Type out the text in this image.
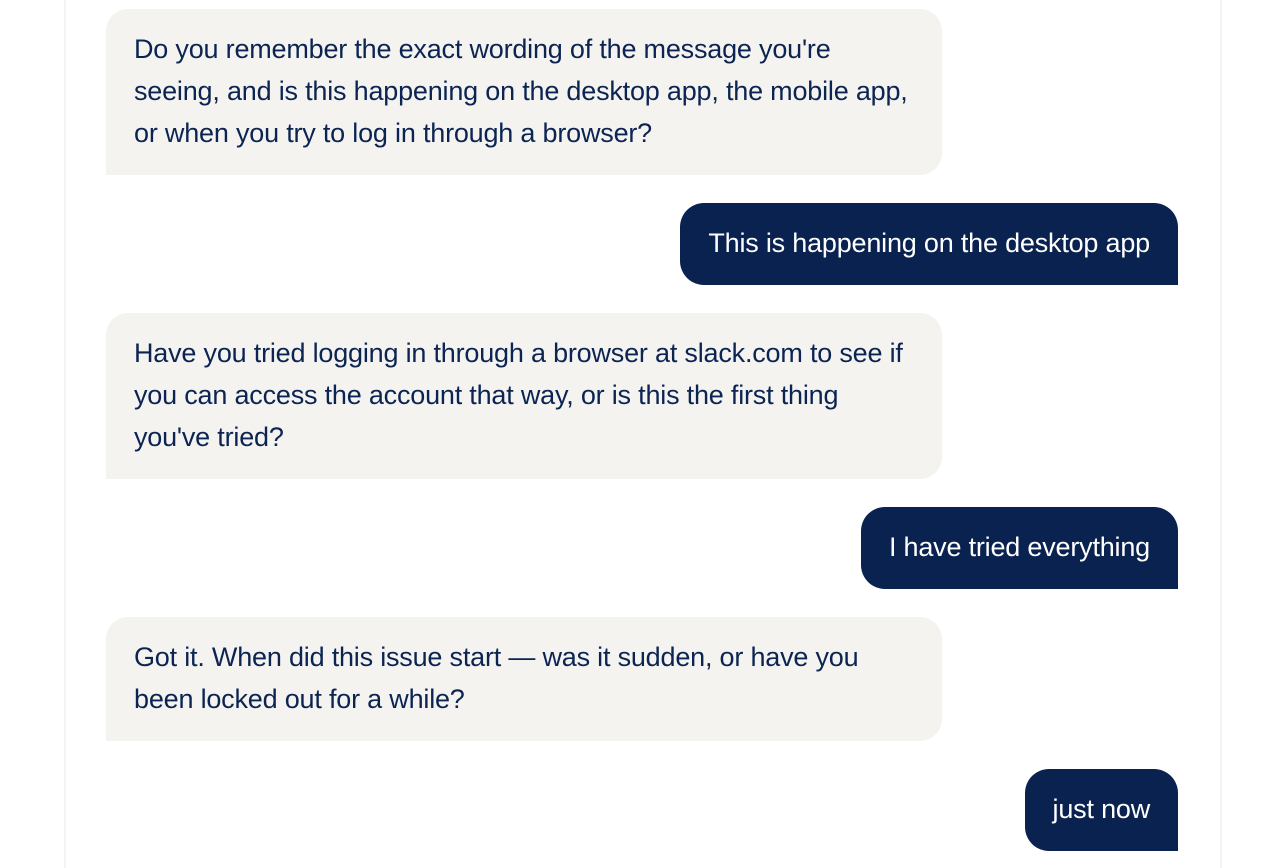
Do you remember the exact wording of the message you're seeing, and is this happening on the desktop app, the mobile app, or when you try to log in through a browser?
This is happening on the desktop app
Have you tried logging in through a browser at slack.com to see if you can access the account that way, or is this the first thing you've tried?
I have tried everything
Got it. When did this issue start — was it sudden, or have you been locked out for a while?
just now
